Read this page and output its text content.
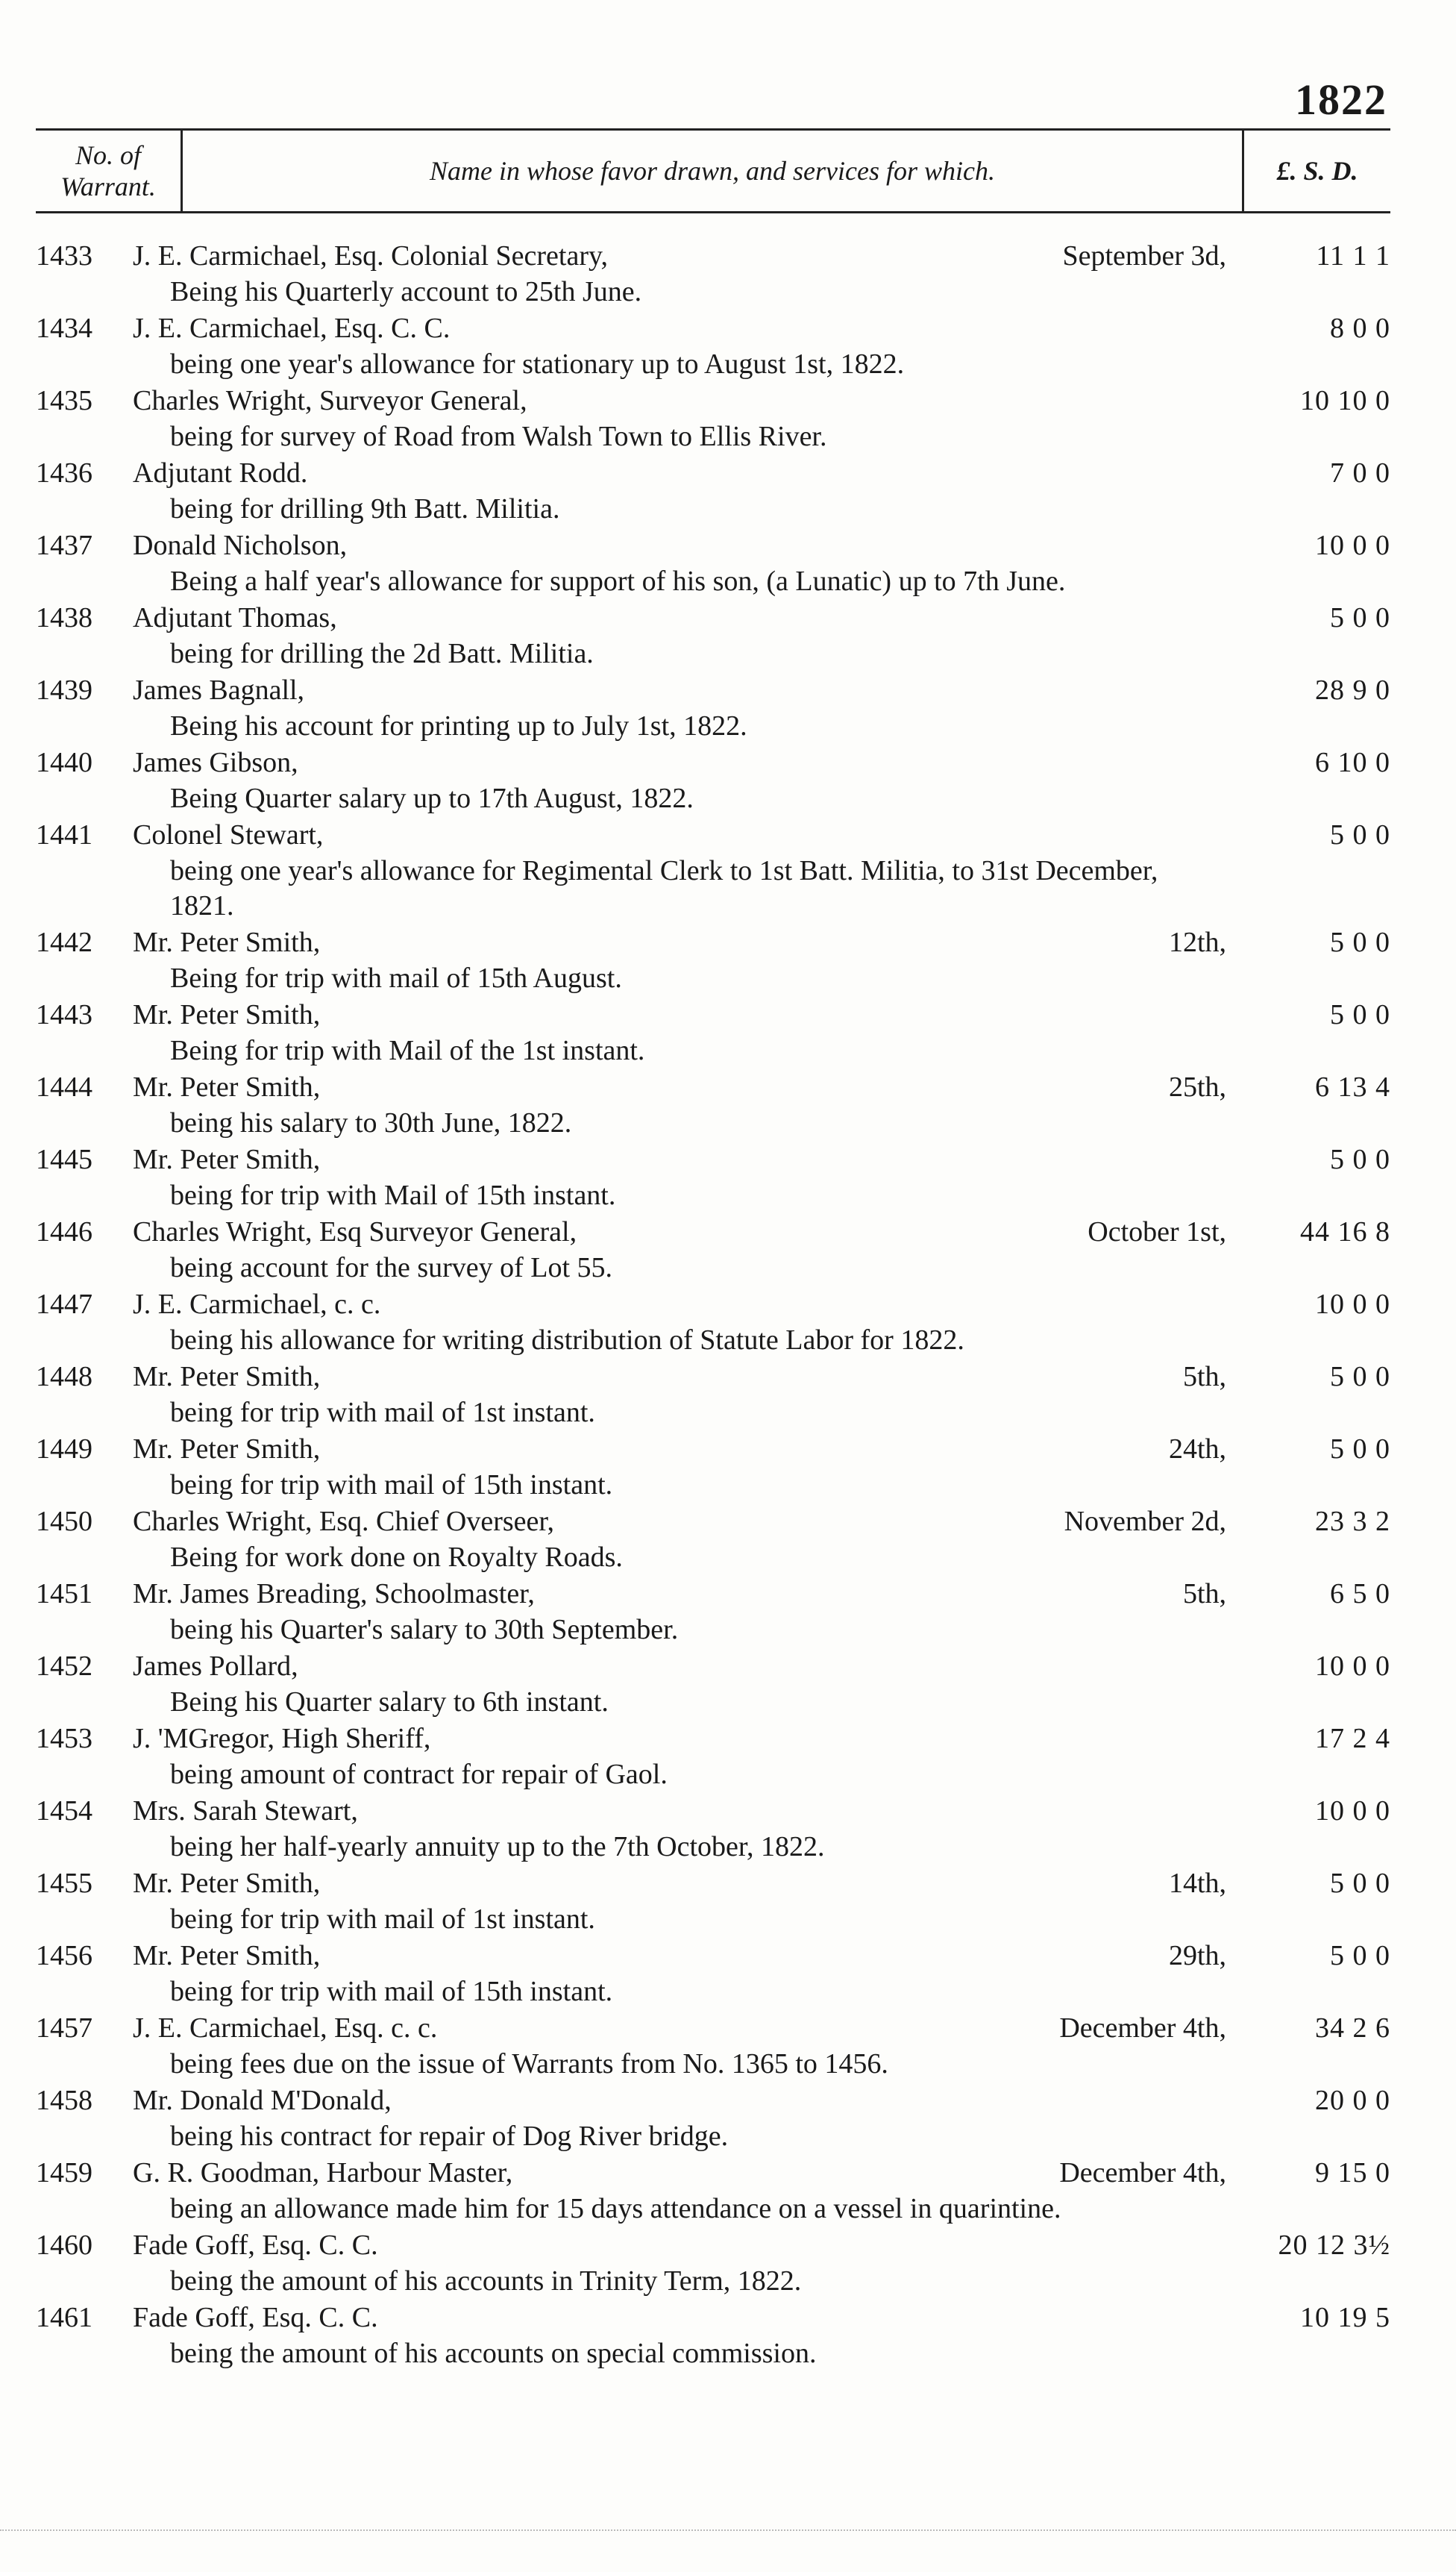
1822
No. of Warrant.
Name in whose favor drawn, and services for which.	£. S. D.
1433	J. E. Carmichael, Esq. Colonial Secretary,	September 3d,	11 1 1
Being his Quarterly account to 25th June.
1434	J. E. Carmichael, Esq. C. C.	8 0 0
being one year's allowance for stationary up to August 1st, 1822.
1435	Charles Wright, Surveyor General,	10 10 0
being for survey of Road from Walsh Town to Ellis River.
1436	Adjutant Rodd.	7 0 0
being for drilling 9th Batt. Militia.
1437	Donald Nicholson,	10 0 0
Being a half year's allowance for support of his son, (a Lunatic) up to 7th June.
1438	Adjutant Thomas,	5 0 0
being for drilling the 2d Batt. Militia.
1439	James Bagnall,	28 9 0
Being his account for printing up to July 1st, 1822.
1440	James Gibson,	6 10 0
Being Quarter salary up to 17th August, 1822.
1441	Colonel Stewart,	5 0 0
being one year's allowance for Regimental Clerk to 1st Batt. Militia, to 31st December, 1821.
1442	Mr. Peter Smith,	12th,	5 0 0
Being for trip with mail of 15th August.
1443	Mr. Peter Smith,	5 0 0
Being for trip with Mail of the 1st instant.
1444	Mr. Peter Smith,	25th,	6 13 4
being his salary to 30th June, 1822.
1445	Mr. Peter Smith,	5 0 0
being for trip with Mail of 15th instant.
1446	Charles Wright, Esq Surveyor General,	October 1st,	44 16 8
being account for the survey of Lot 55.
1447	J. E. Carmichael, c. c.	10 0 0
being his allowance for writing distribution of Statute Labor for 1822.
1448	Mr. Peter Smith,	5th,	5 0 0
being for trip with mail of 1st instant.
1449	Mr. Peter Smith,	24th,	5 0 0
being for trip with mail of 15th instant.
1450	Charles Wright, Esq. Chief Overseer,	November 2d,	23 3 2
Being for work done on Royalty Roads.
1451	Mr. James Breading, Schoolmaster,	5th,	6 5 0
being his Quarter's salary to 30th September.
1452	James Pollard,	10 0 0
Being his Quarter salary to 6th instant.
1453	J. 'MGregor, High Sheriff,	17 2 4
being amount of contract for repair of Gaol.
1454	Mrs. Sarah Stewart,	10 0 0
being her half-yearly annuity up to the 7th October, 1822.
1455	Mr. Peter Smith,	14th,	5 0 0
being for trip with mail of 1st instant.
1456	Mr. Peter Smith,	29th,	5 0 0
being for trip with mail of 15th instant.
1457	J. E. Carmichael, Esq. c. c.	December 4th,	34 2 6
being fees due on the issue of Warrants from No. 1365 to 1456.
1458	Mr. Donald M'Donald,	20 0 0
being his contract for repair of Dog River bridge.
1459	G. R. Goodman, Harbour Master,	December 4th,	9 15 0
being an allowance made him for 15 days attendance on a vessel in quarintine.
1460	Fade Goff, Esq. C. C.	20 12 3½
being the amount of his accounts in Trinity Term, 1822.
1461	Fade Goff, Esq. C. C.	10 19 5
being the amount of his accounts on special commission.
